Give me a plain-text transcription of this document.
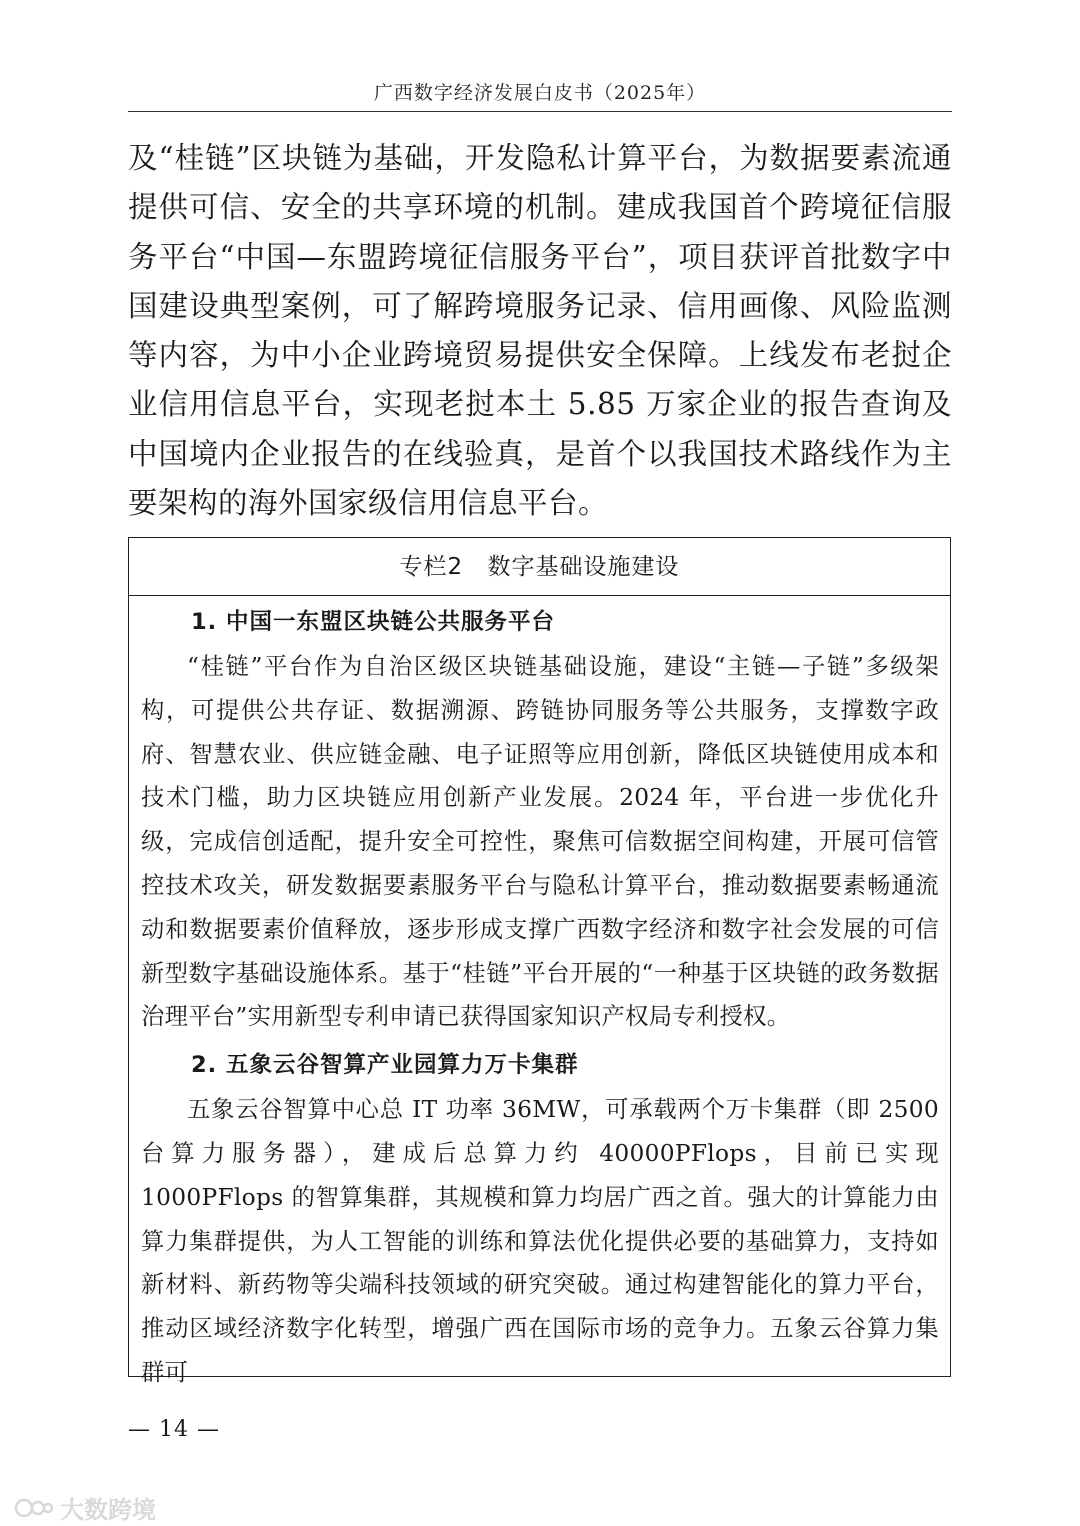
广西数字经济发展白皮书（2025年）

及“桂链”区块链为基础，开发隐私计算平台，为数据要素流通提供可信、安全的共享环境的机制。建成我国首个跨境征信服务平台“中国—东盟跨境征信服务平台”，项目获评首批数字中国建设典型案例，可了解跨境服务记录、信用画像、风险监测等内容，为中小企业跨境贸易提供安全保障。上线发布老挝企业信用信息平台，实现老挝本土 5.85 万家企业的报告查询及中国境内企业报告的在线验真，是首个以我国技术路线作为主要架构的海外国家级信用信息平台。

专栏2 数字基础设施建设

1. 中国一东盟区块链公共服务平台

“桂链”平台作为自治区级区块链基础设施，建设“主链—子链”多级架构，可提供公共存证、数据溯源、跨链协同服务等公共服务，支撑数字政府、智慧农业、供应链金融、电子证照等应用创新，降低区块链使用成本和技术门槛，助力区块链应用创新产业发展。2024 年，平台进一步优化升级，完成信创适配，提升安全可控性，聚焦可信数据空间构建，开展可信管控技术攻关，研发数据要素服务平台与隐私计算平台，推动数据要素畅通流动和数据要素价值释放，逐步形成支撑广西数字经济和数字社会发展的可信新型数字基础设施体系。基于“桂链”平台开展的“一种基于区块链的政务数据治理平台”实用新型专利申请已获得国家知识产权局专利授权。

2. 五象云谷智算产业园算力万卡集群

五象云谷智算中心总 IT 功率 36MW，可承载两个万卡集群（即 2500 台算力服务器），建成后总算力约 40000PFlops，目前已实现 1000PFlops 的智算集群，其规模和算力均居广西之首。强大的计算能力由算力集群提供，为人工智能的训练和算法优化提供必要的基础算力，支持如新材料、新药物等尖端科技领域的研究突破。通过构建智能化的算力平台，推动区域经济数字化转型，增强广西在国际市场的竞争力。五象云谷算力集群可

— 14 —
大数跨境
